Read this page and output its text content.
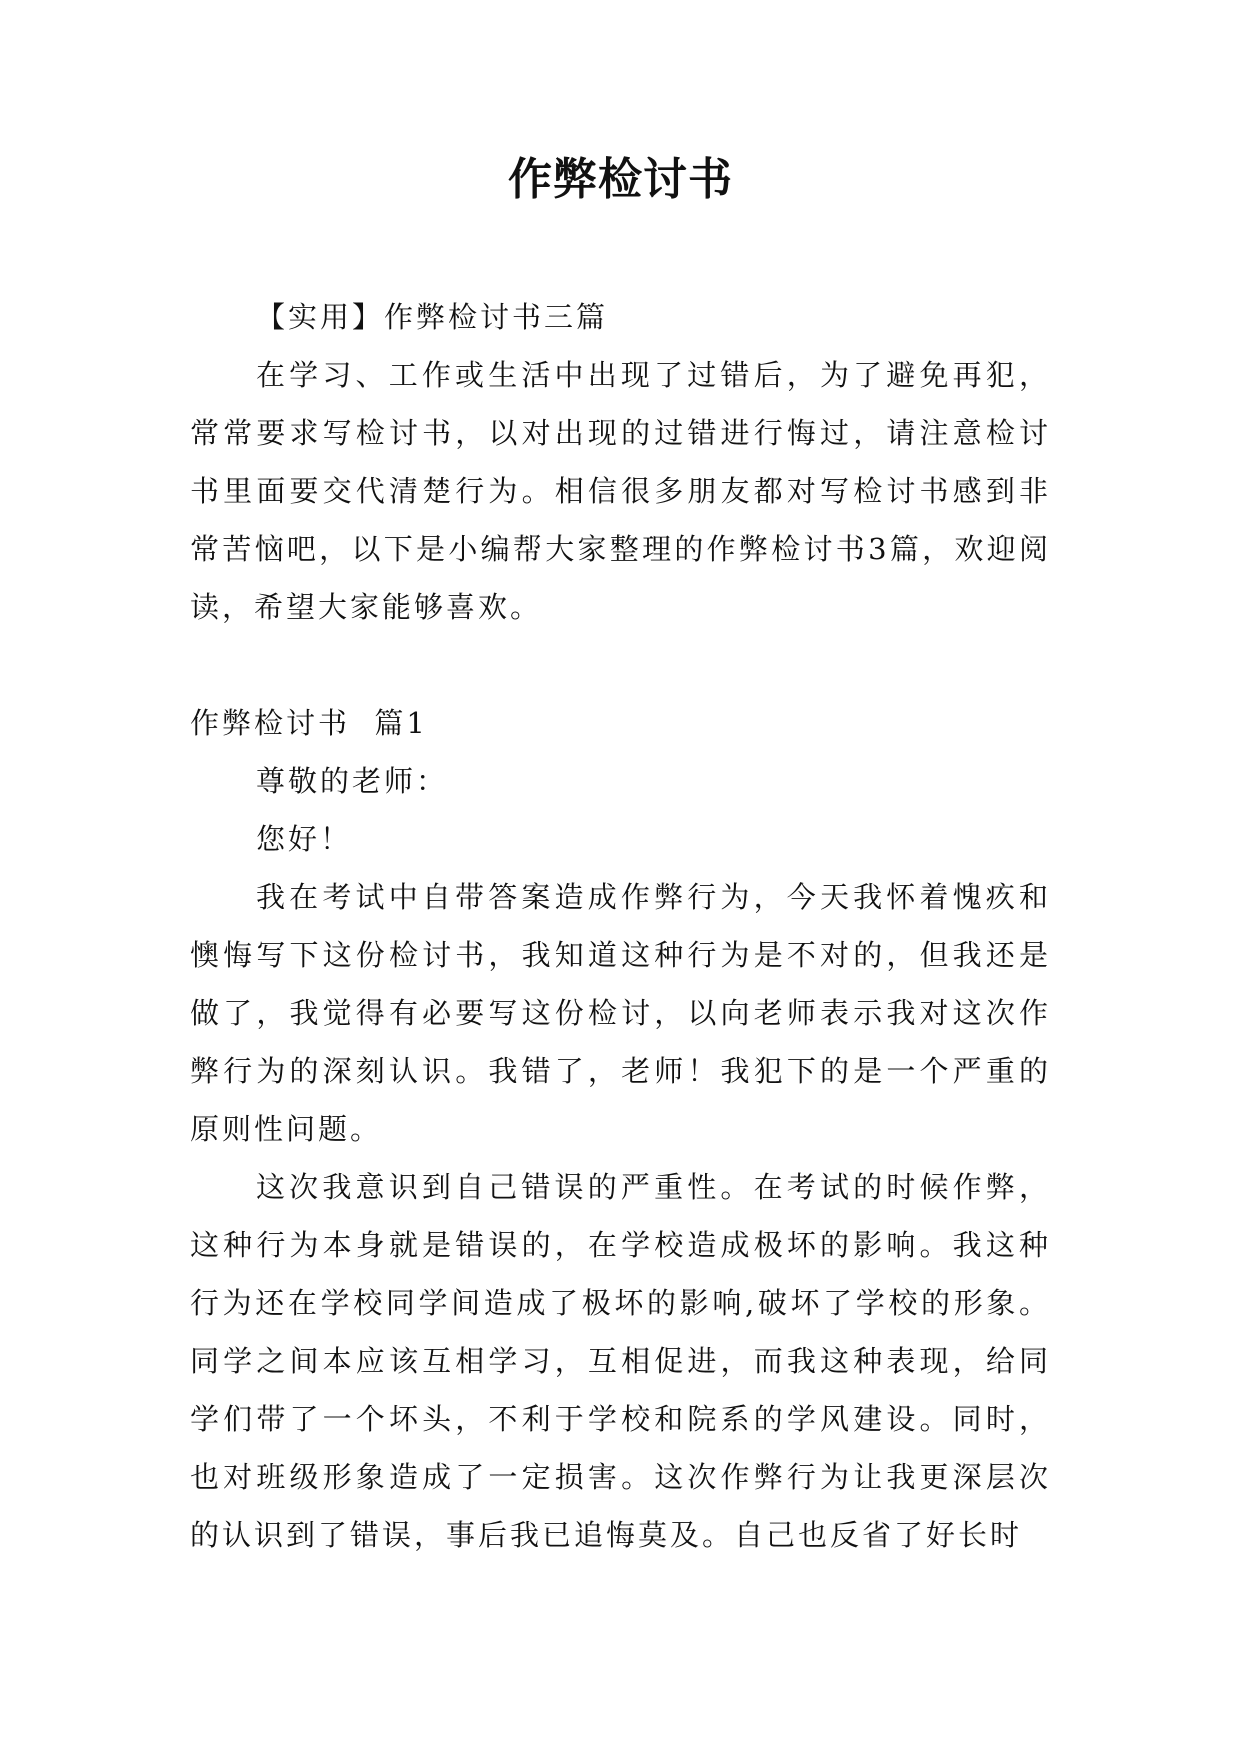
作弊检讨书

【实用】作弊检讨书三篇

在学习、工作或生活中出现了过错后，为了避免再犯，常常要求写检讨书，以对出现的过错进行悔过，请注意检讨书里面要交代清楚行为。相信很多朋友都对写检讨书感到非常苦恼吧，以下是小编帮大家整理的作弊检讨书3篇，欢迎阅读，希望大家能够喜欢。

作弊检讨书  篇1

尊敬的老师：

您好！

我在考试中自带答案造成作弊行为，今天我怀着愧疚和懊悔写下这份检讨书，我知道这种行为是不对的，但我还是做了，我觉得有必要写这份检讨，以向老师表示我对这次作弊行为的深刻认识。我错了，老师！我犯下的是一个严重的原则性问题。

这次我意识到自己错误的严重性。在考试的时候作弊，这种行为本身就是错误的，在学校造成极坏的影响。我这种行为还在学校同学间造成了极坏的影响,破坏了学校的形象。同学之间本应该互相学习，互相促进，而我这种表现，给同学们带了一个坏头，不利于学校和院系的学风建设。同时，也对班级形象造成了一定损害。这次作弊行为让我更深层次的认识到了错误，事后我已追悔莫及。自己也反省了好长时
